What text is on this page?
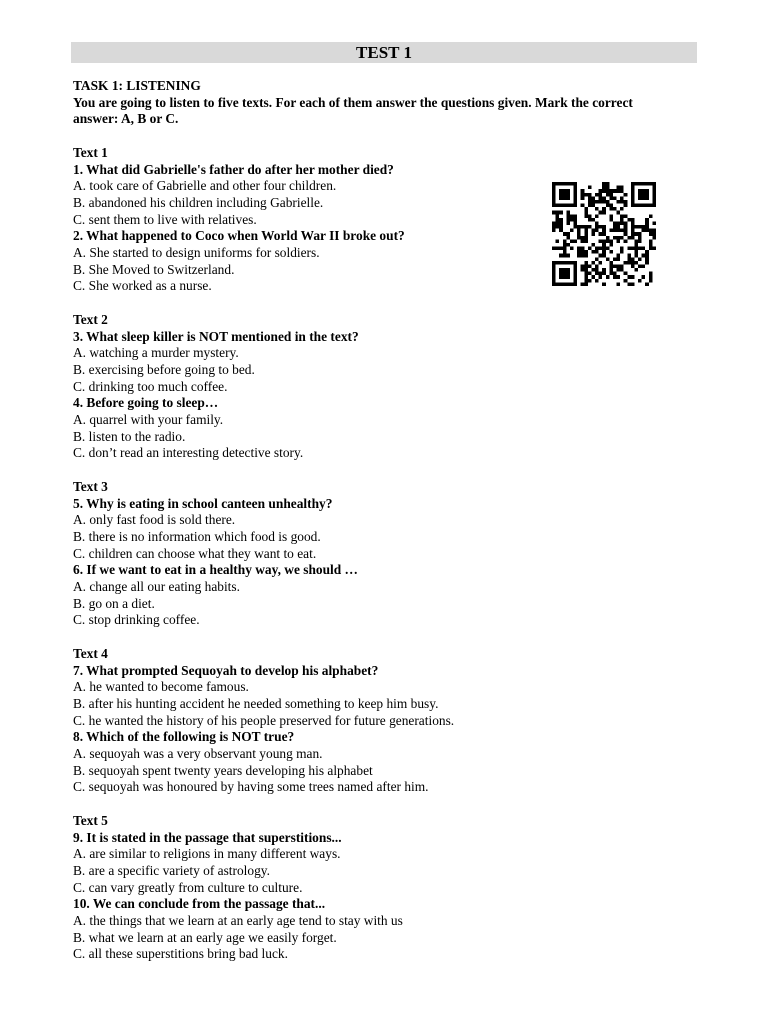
TEST 1
TASK 1: LISTENING
You are going to listen to five texts. For each of them answer the questions given. Mark the correct
answer: A, B or C.
Text 1
1. What did Gabrielle's father do after her mother died?
A. took care of Gabrielle and other four children.
B. abandoned his children including Gabrielle.
C. sent them to live with relatives.
2. What happened to Coco when World War II broke out?
A. She started to design uniforms for soldiers.
B. She Moved to Switzerland.
C. She worked as a nurse.
Text 2
3. What sleep killer is NOT mentioned in the text?
A. watching a murder mystery.
B. exercising before going to bed.
C. drinking too much coffee.
4. Before going to sleep…
A. quarrel with your family.
B. listen to the radio.
C. don’t read an interesting detective story.
Text 3
5. Why is eating in school canteen unhealthy?
A. only fast food is sold there.
B. there is no information which food is good.
C. children can choose what they want to eat.
6. If we want to eat in a healthy way, we should …
A. change all our eating habits.
B. go on a diet.
C. stop drinking coffee.
Text 4
7. What prompted Sequoyah to develop his alphabet?
A. he wanted to become famous.
B. after his hunting accident he needed something to keep him busy.
C. he wanted the history of his people preserved for future generations.
8. Which of the following is NOT true?
A. sequoyah was a very observant young man.
B. sequoyah spent twenty years developing his alphabet
C. sequoyah was honoured by having some trees named after him.
Text 5
9. It is stated in the passage that superstitions...
A. are similar to religions in many different ways.
B. are a specific variety of astrology.
C. can vary greatly from culture to culture.
10. We can conclude from the passage that...
A. the things that we learn at an early age tend to stay with us
B. what we learn at an early age we easily forget.
C. all these superstitions bring bad luck.
